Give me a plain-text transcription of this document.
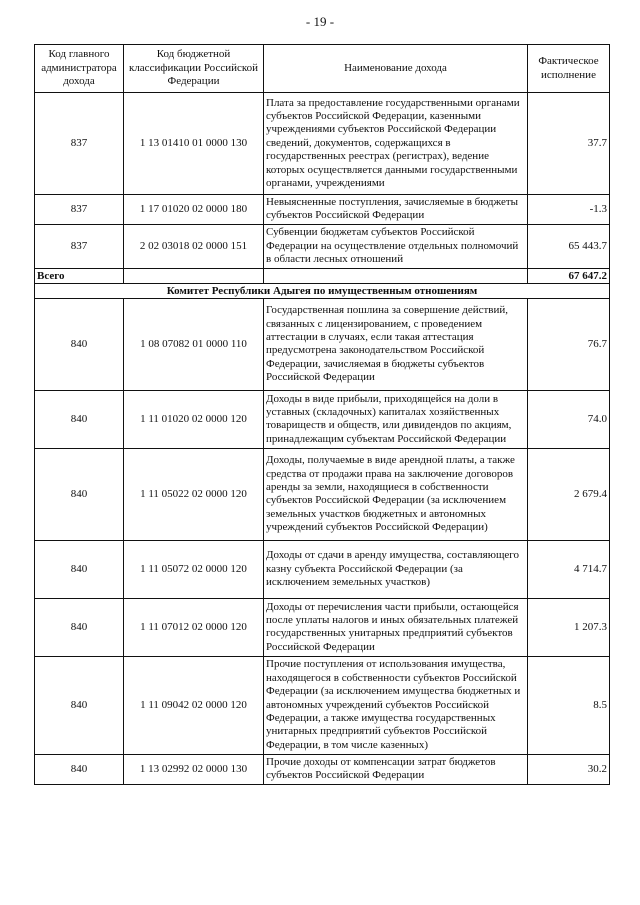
- 19 -
Код главного администратора дохода	Код бюджетной классификации Российской Федерации	Наименование дохода	Фактическое исполнение
837	1 13 01410 01 0000 130	Плата за предоставление государственными органами субъектов Российской Федерации, казенными учреждениями субъектов Российской Федерации сведений, документов, содержащихся в государственных реестрах (регистрах), ведение которых осуществляется данными государственными органами, учреждениями	37.7
837	1 17 01020 02 0000 180	Невыясненные поступления, зачисляемые в бюджеты субъектов Российской Федерации	-1.3
837	2 02 03018 02 0000 151	Субвенции бюджетам субъектов Российской Федерации на осуществление отдельных полномочий в области лесных отношений	65 443.7
Всего			67 647.2
Комитет Республики Адыгея по имущественным отношениям			
840	1 08 07082 01 0000 110	Государственная пошлина за совершение действий, связанных с лицензированием, с проведением аттестации в случаях, если такая аттестация предусмотрена законодательством Российской Федерации, зачисляемая в бюджеты субъектов Российской Федерации	76.7
840	1 11 01020 02 0000 120	Доходы в виде прибыли, приходящейся на доли в уставных (складочных) капиталах хозяйственных товариществ и обществ, или дивидендов по акциям, принадлежащим субъектам Российской Федерации	74.0
840	1 11 05022 02 0000 120	Доходы, получаемые в виде арендной платы, а также средства от продажи права на заключение договоров аренды за земли, находящиеся в собственности субъектов Российской Федерации (за исключением земельных участков бюджетных и автономных учреждений субъектов Российской Федерации)	2 679.4
840	1 11 05072 02 0000 120	Доходы от сдачи в аренду имущества, составляющего казну субъекта Российской Федерации (за исключением земельных участков)	4 714.7
840	1 11 07012 02 0000 120	Доходы от перечисления части прибыли, остающейся после уплаты налогов и иных обязательных платежей государственных унитарных предприятий субъектов Российской Федерации	1 207.3
840	1 11 09042 02 0000 120	Прочие поступления от использования имущества, находящегося в собственности субъектов Российской Федерации (за исключением имущества бюджетных и автономных учреждений субъектов Российской Федерации, а также имущества государственных унитарных предприятий субъектов Российской Федерации, в том числе казенных)	8.5
840	1 13 02992 02 0000 130	Прочие доходы от компенсации затрат бюджетов субъектов Российской Федерации	30.2
